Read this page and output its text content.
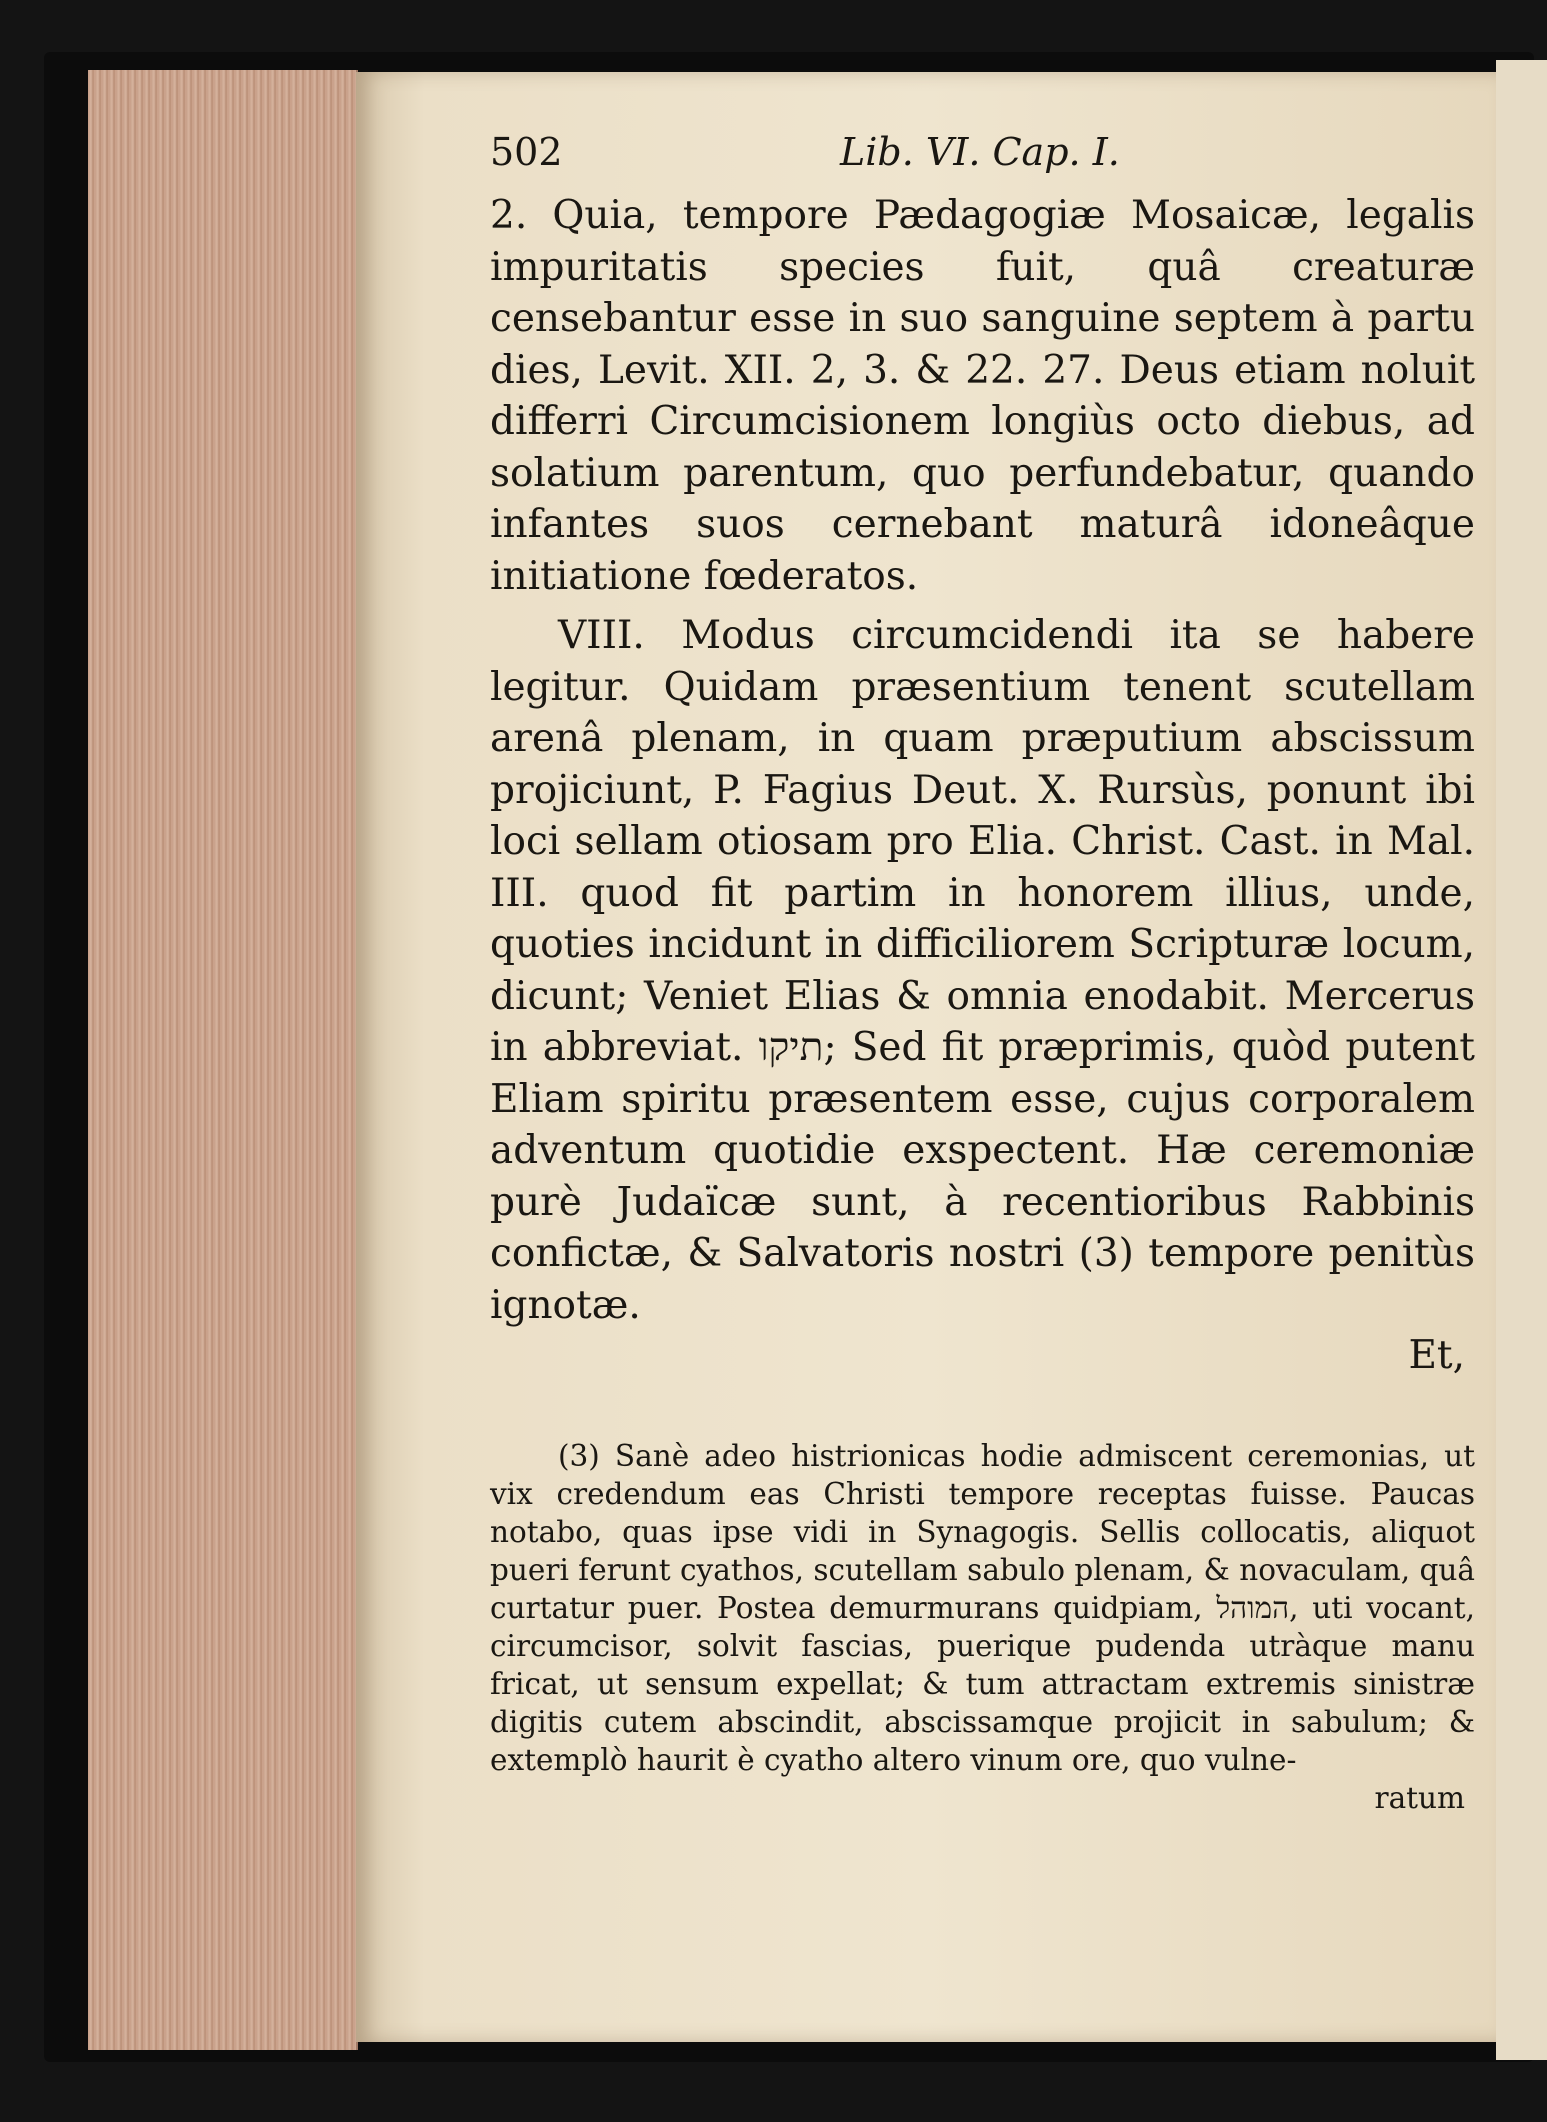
502	Lib. VI. Cap. I.

2. Quia, tempore Pædagogiæ Mosaicæ, legalis impuritatis species fuit, quâ creaturæ censebantur esse in suo sanguine septem à partu dies, Levit. XII. 2, 3. & 22. 27. Deus etiam noluit differri Circumcisionem longiùs octo diebus, ad solatium parentum, quo perfundebatur, quando infantes suos cernebant maturâ idoneâque initiatione fœderatos.

VIII. Modus circumcidendi ita se habere legitur. Quidam præsentium tenent scutellam arenâ plenam, in quam præputium abscissum projiciunt, P. Fagius Deut. X. Rursùs, ponunt ibi loci sellam otiosam pro Elia. Christ. Cast. in Mal. III. quod fit partim in honorem illius, unde, quoties incidunt in difficiliorem Scripturæ locum, dicunt; Veniet Elias & omnia enodabit. Mercerus in abbreviat. תיקו; Sed fit præprimis, quòd putent Eliam spiritu præsentem esse, cujus corporalem adventum quotidie exspectent. Hæ ceremoniæ purè Judaïcæ sunt, à recentioribus Rabbinis confictæ, & Salvatoris nostri (3) tempore penitùs ignotæ.

Et,

(3) Sanè adeo histrionicas hodie admiscent ceremonias, ut vix credendum eas Christi tempore receptas fuisse. Paucas notabo, quas ipse vidi in Synagogis. Sellis collocatis, aliquot pueri ferunt cyathos, scutellam sabulo plenam, & novaculam, quâ curtatur puer. Postea demurmurans quidpiam, המוהל, uti vocant, circumcisor, solvit fascias, puerique pudenda utràque manu fricat, ut sensum expellat; & tum attractam extremis sinistræ digitis cutem abscindit, abscissamque projicit in sabulum; & extemplò haurit è cyatho altero vinum ore, quo vulne-

ratum
